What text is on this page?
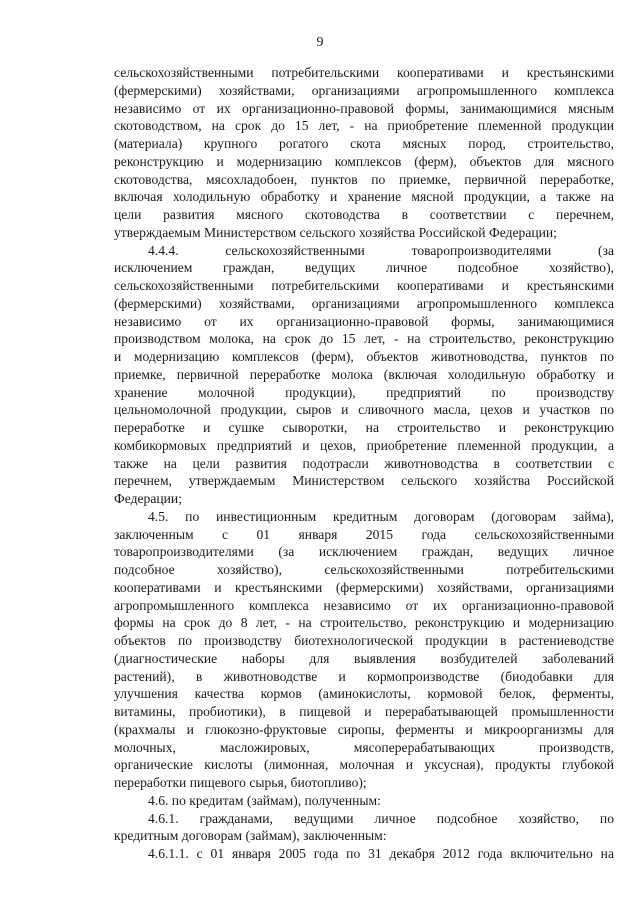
9
сельскохозяйственными потребительскими кооперативами и крестьянскими
(фермерскими) хозяйствами, организациями агропромышленного комплекса
независимо от их организационно-правовой формы, занимающимися мясным
скотоводством, на срок до 15 лет, - на приобретение племенной продукции
(материала) крупного рогатого скота мясных пород, строительство,
реконструкцию и модернизацию комплексов (ферм), объектов для мясного
скотоводства, мясохладобоен, пунктов по приемке, первичной переработке,
включая холодильную обработку и хранение мясной продукции, а также на
цели развития мясного скотоводства в соответствии с перечнем,
утверждаемым Министерством сельского хозяйства Российской Федерации;
4.4.4. сельскохозяйственными товаропроизводителями (за
исключением граждан, ведущих личное подсобное хозяйство),
сельскохозяйственными потребительскими кооперативами и крестьянскими
(фермерскими) хозяйствами, организациями агропромышленного комплекса
независимо от их организационно-правовой формы, занимающимися
производством молока, на срок до 15 лет, - на строительство, реконструкцию
и модернизацию комплексов (ферм), объектов животноводства, пунктов по
приемке, первичной переработке молока (включая холодильную обработку и
хранение молочной продукции), предприятий по производству
цельномолочной продукции, сыров и сливочного масла, цехов и участков по
переработке и сушке сыворотки, на строительство и реконструкцию
комбикормовых предприятий и цехов, приобретение племенной продукции, а
также на цели развития подотрасли животноводства в соответствии с
перечнем, утверждаемым Министерством сельского хозяйства Российской
Федерации;
4.5. по инвестиционным кредитным договорам (договорам займа),
заключенным с 01 января 2015 года сельскохозяйственными
товаропроизводителями (за исключением граждан, ведущих личное
подсобное хозяйство), сельскохозяйственными потребительскими
кооперативами и крестьянскими (фермерскими) хозяйствами, организациями
агропромышленного комплекса независимо от их организационно-правовой
формы на срок до 8 лет, - на строительство, реконструкцию и модернизацию
объектов по производству биотехнологической продукции в растениеводстве
(диагностические наборы для выявления возбудителей заболеваний
растений), в животноводстве и кормопроизводстве (биодобавки для
улучшения качества кормов (аминокислоты, кормовой белок, ферменты,
витамины, пробиотики), в пищевой и перерабатывающей промышленности
(крахмалы и глюкозно-фруктовые сиропы, ферменты и микроорганизмы для
молочных, масложировых, мясоперерабатывающих производств,
органические кислоты (лимонная, молочная и уксусная), продукты глубокой
переработки пищевого сырья, биотопливо);
4.6. по кредитам (займам), полученным:
4.6.1. гражданами, ведущими личное подсобное хозяйство, по
кредитным договорам (займам), заключенным:
4.6.1.1. с 01 января 2005 года по 31 декабря 2012 года включительно на
